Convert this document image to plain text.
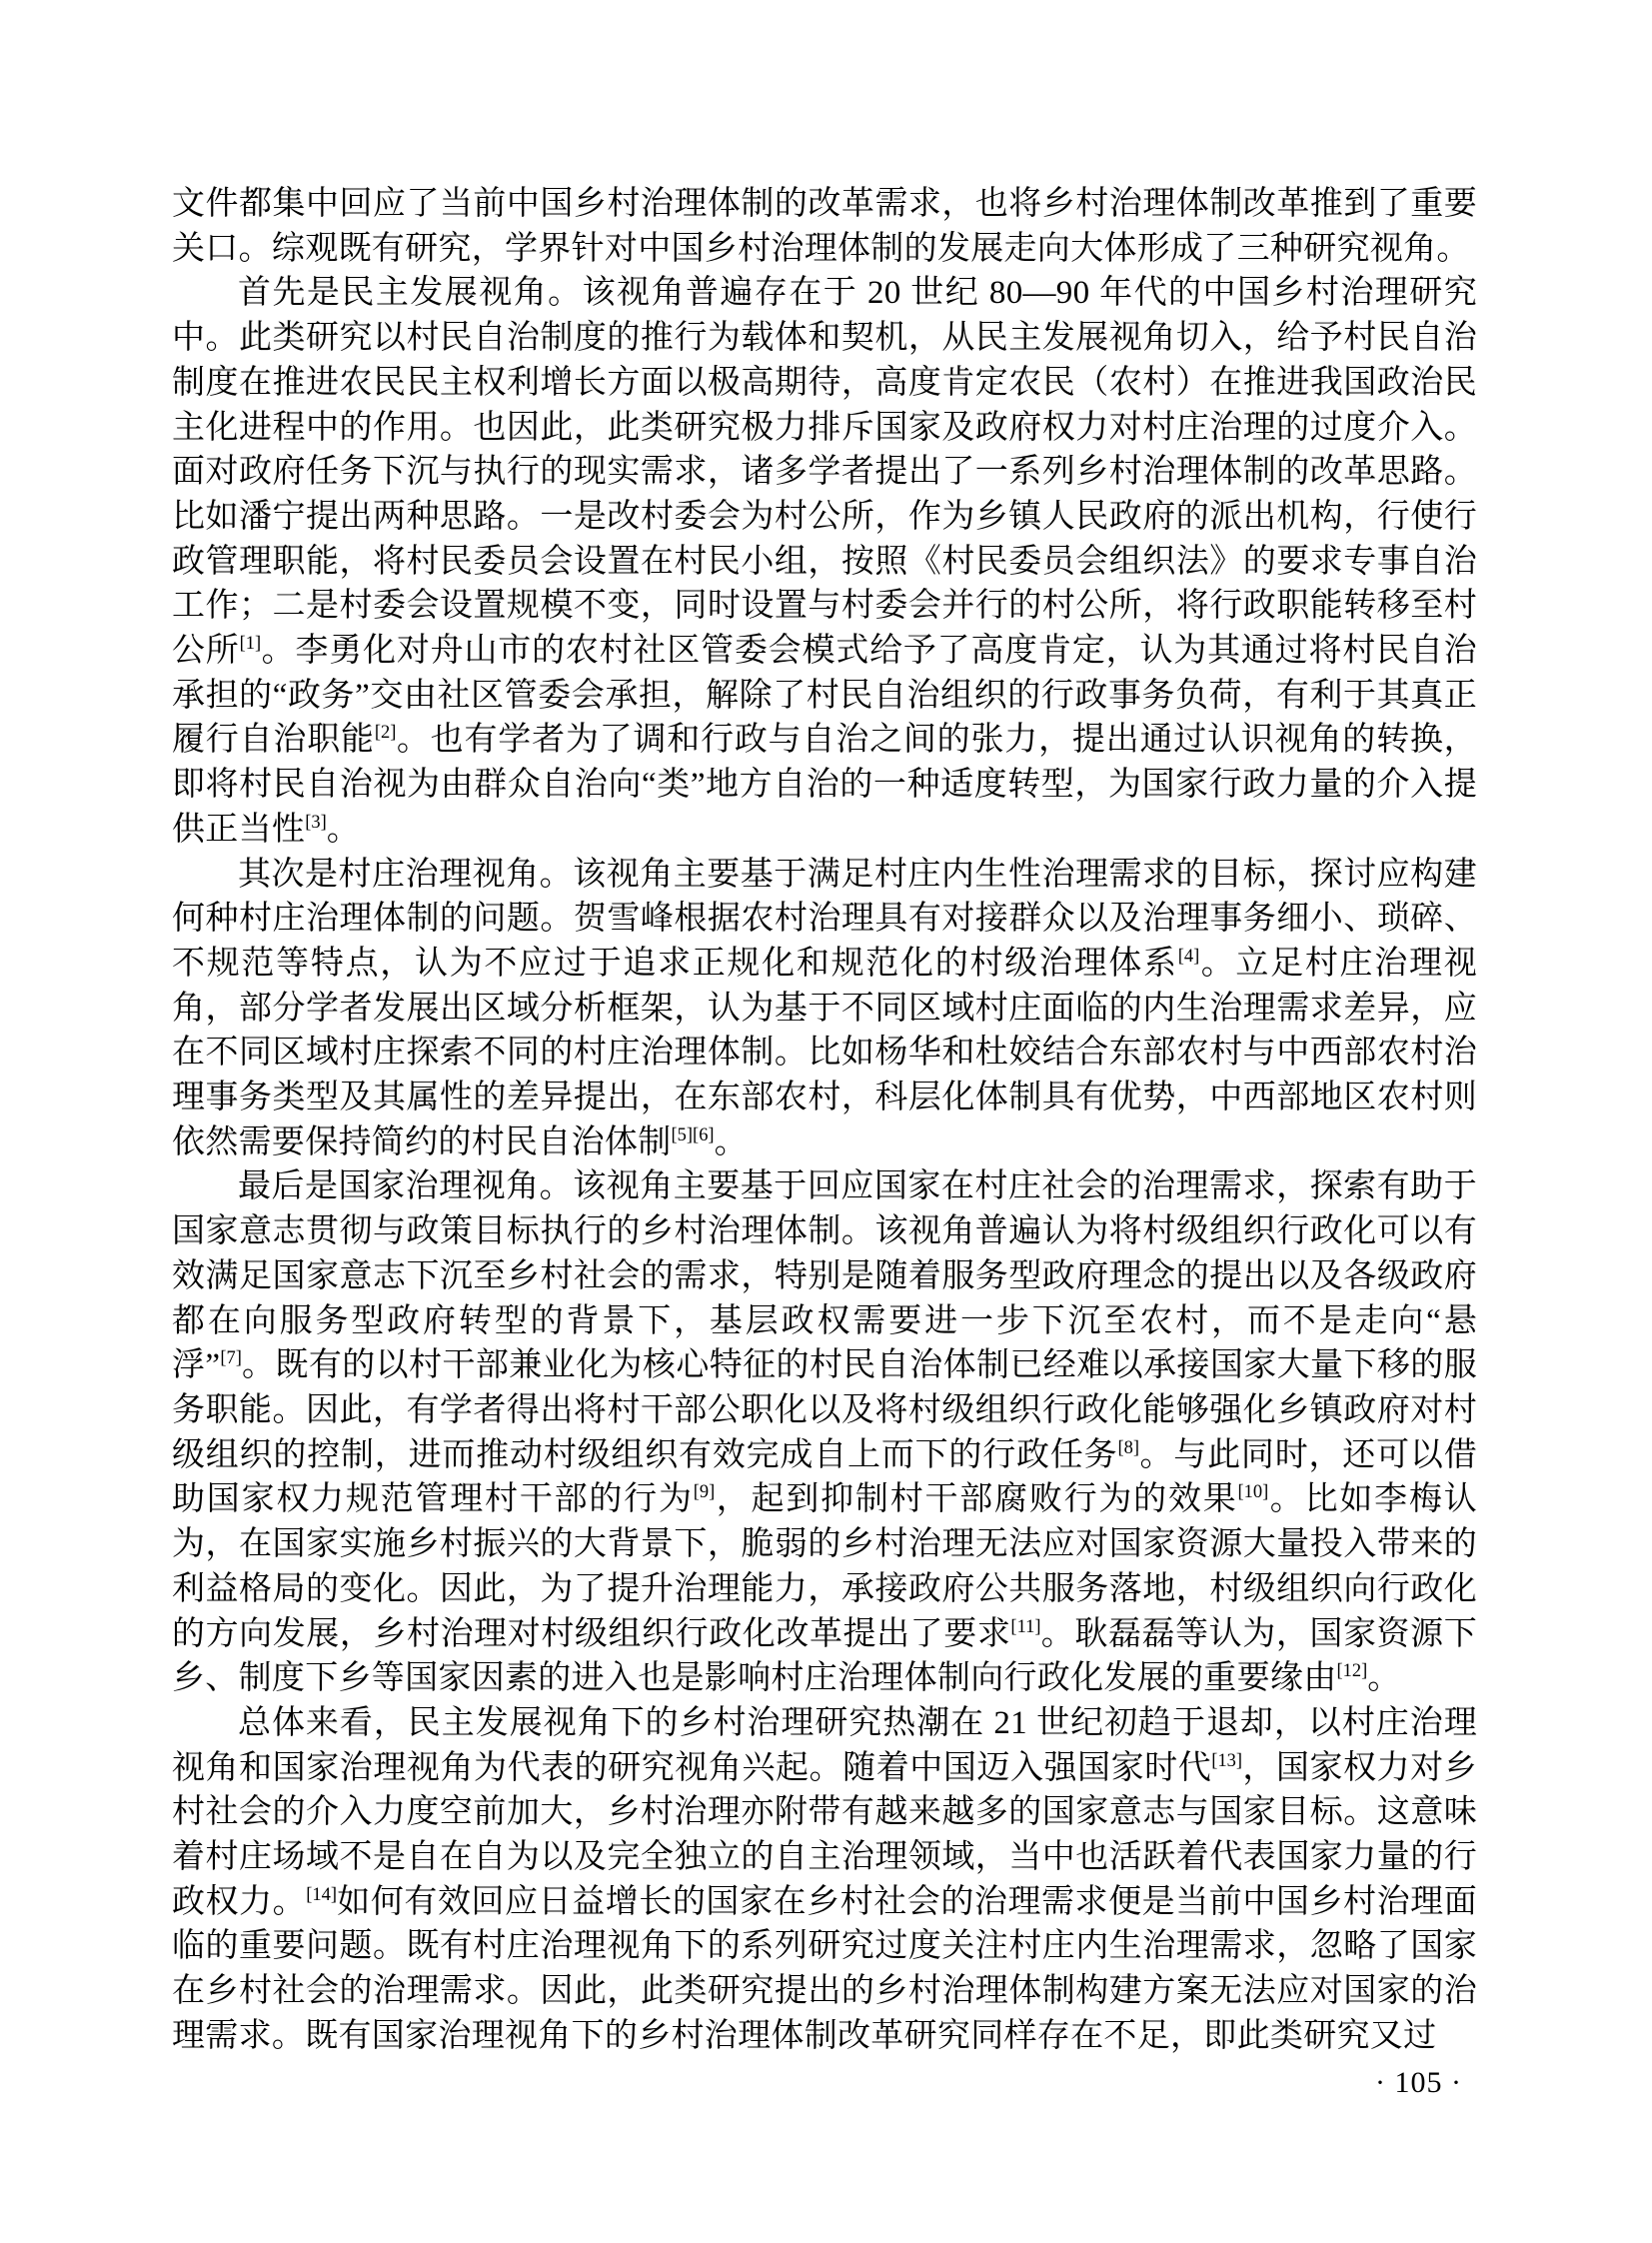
文件都集中回应了当前中国乡村治理体制的改革需求，也将乡村治理体制改革推到了重要关口。综观既有研究，学界针对中国乡村治理体制的发展走向大体形成了三种研究视角。

首先是民主发展视角。该视角普遍存在于 20 世纪 80—90 年代的中国乡村治理研究中。此类研究以村民自治制度的推行为载体和契机，从民主发展视角切入，给予村民自治制度在推进农民民主权利增长方面以极高期待，高度肯定农民（农村）在推进我国政治民主化进程中的作用。也因此，此类研究极力排斥国家及政府权力对村庄治理的过度介入。面对政府任务下沉与执行的现实需求，诸多学者提出了一系列乡村治理体制的改革思路。比如潘宁提出两种思路。一是改村委会为村公所，作为乡镇人民政府的派出机构，行使行政管理职能，将村民委员会设置在村民小组，按照《村民委员会组织法》的要求专事自治工作；二是村委会设置规模不变，同时设置与村委会并行的村公所，将行政职能转移至村公所[1]。李勇化对舟山市的农村社区管委会模式给予了高度肯定，认为其通过将村民自治承担的“政务”交由社区管委会承担，解除了村民自治组织的行政事务负荷，有利于其真正履行自治职能[2]。也有学者为了调和行政与自治之间的张力，提出通过认识视角的转换，即将村民自治视为由群众自治向“类”地方自治的一种适度转型，为国家行政力量的介入提供正当性[3]。

其次是村庄治理视角。该视角主要基于满足村庄内生性治理需求的目标，探讨应构建何种村庄治理体制的问题。贺雪峰根据农村治理具有对接群众以及治理事务细小、琐碎、不规范等特点，认为不应过于追求正规化和规范化的村级治理体系[4]。立足村庄治理视角，部分学者发展出区域分析框架，认为基于不同区域村庄面临的内生治理需求差异，应在不同区域村庄探索不同的村庄治理体制。比如杨华和杜姣结合东部农村与中西部农村治理事务类型及其属性的差异提出，在东部农村，科层化体制具有优势，中西部地区农村则依然需要保持简约的村民自治体制[5][6]。

最后是国家治理视角。该视角主要基于回应国家在村庄社会的治理需求，探索有助于国家意志贯彻与政策目标执行的乡村治理体制。该视角普遍认为将村级组织行政化可以有效满足国家意志下沉至乡村社会的需求，特别是随着服务型政府理念的提出以及各级政府都在向服务型政府转型的背景下，基层政权需要进一步下沉至农村，而不是走向“悬浮”[7]。既有的以村干部兼业化为核心特征的村民自治体制已经难以承接国家大量下移的服务职能。因此，有学者得出将村干部公职化以及将村级组织行政化能够强化乡镇政府对村级组织的控制，进而推动村级组织有效完成自上而下的行政任务[8]。与此同时，还可以借助国家权力规范管理村干部的行为[9]，起到抑制村干部腐败行为的效果[10]。比如李梅认为，在国家实施乡村振兴的大背景下，脆弱的乡村治理无法应对国家资源大量投入带来的利益格局的变化。因此，为了提升治理能力，承接政府公共服务落地，村级组织向行政化的方向发展，乡村治理对村级组织行政化改革提出了要求[11]。耿磊磊等认为，国家资源下乡、制度下乡等国家因素的进入也是影响村庄治理体制向行政化发展的重要缘由[12]。

总体来看，民主发展视角下的乡村治理研究热潮在 21 世纪初趋于退却，以村庄治理视角和国家治理视角为代表的研究视角兴起。随着中国迈入强国家时代[13]，国家权力对乡村社会的介入力度空前加大，乡村治理亦附带有越来越多的国家意志与国家目标。这意味着村庄场域不是自在自为以及完全独立的自主治理领域，当中也活跃着代表国家力量的行政权力。[14]如何有效回应日益增长的国家在乡村社会的治理需求便是当前中国乡村治理面临的重要问题。既有村庄治理视角下的系列研究过度关注村庄内生治理需求，忽略了国家在乡村社会的治理需求。因此，此类研究提出的乡村治理体制构建方案无法应对国家的治理需求。既有国家治理视角下的乡村治理体制改革研究同样存在不足，即此类研究又过

· 105 ·
